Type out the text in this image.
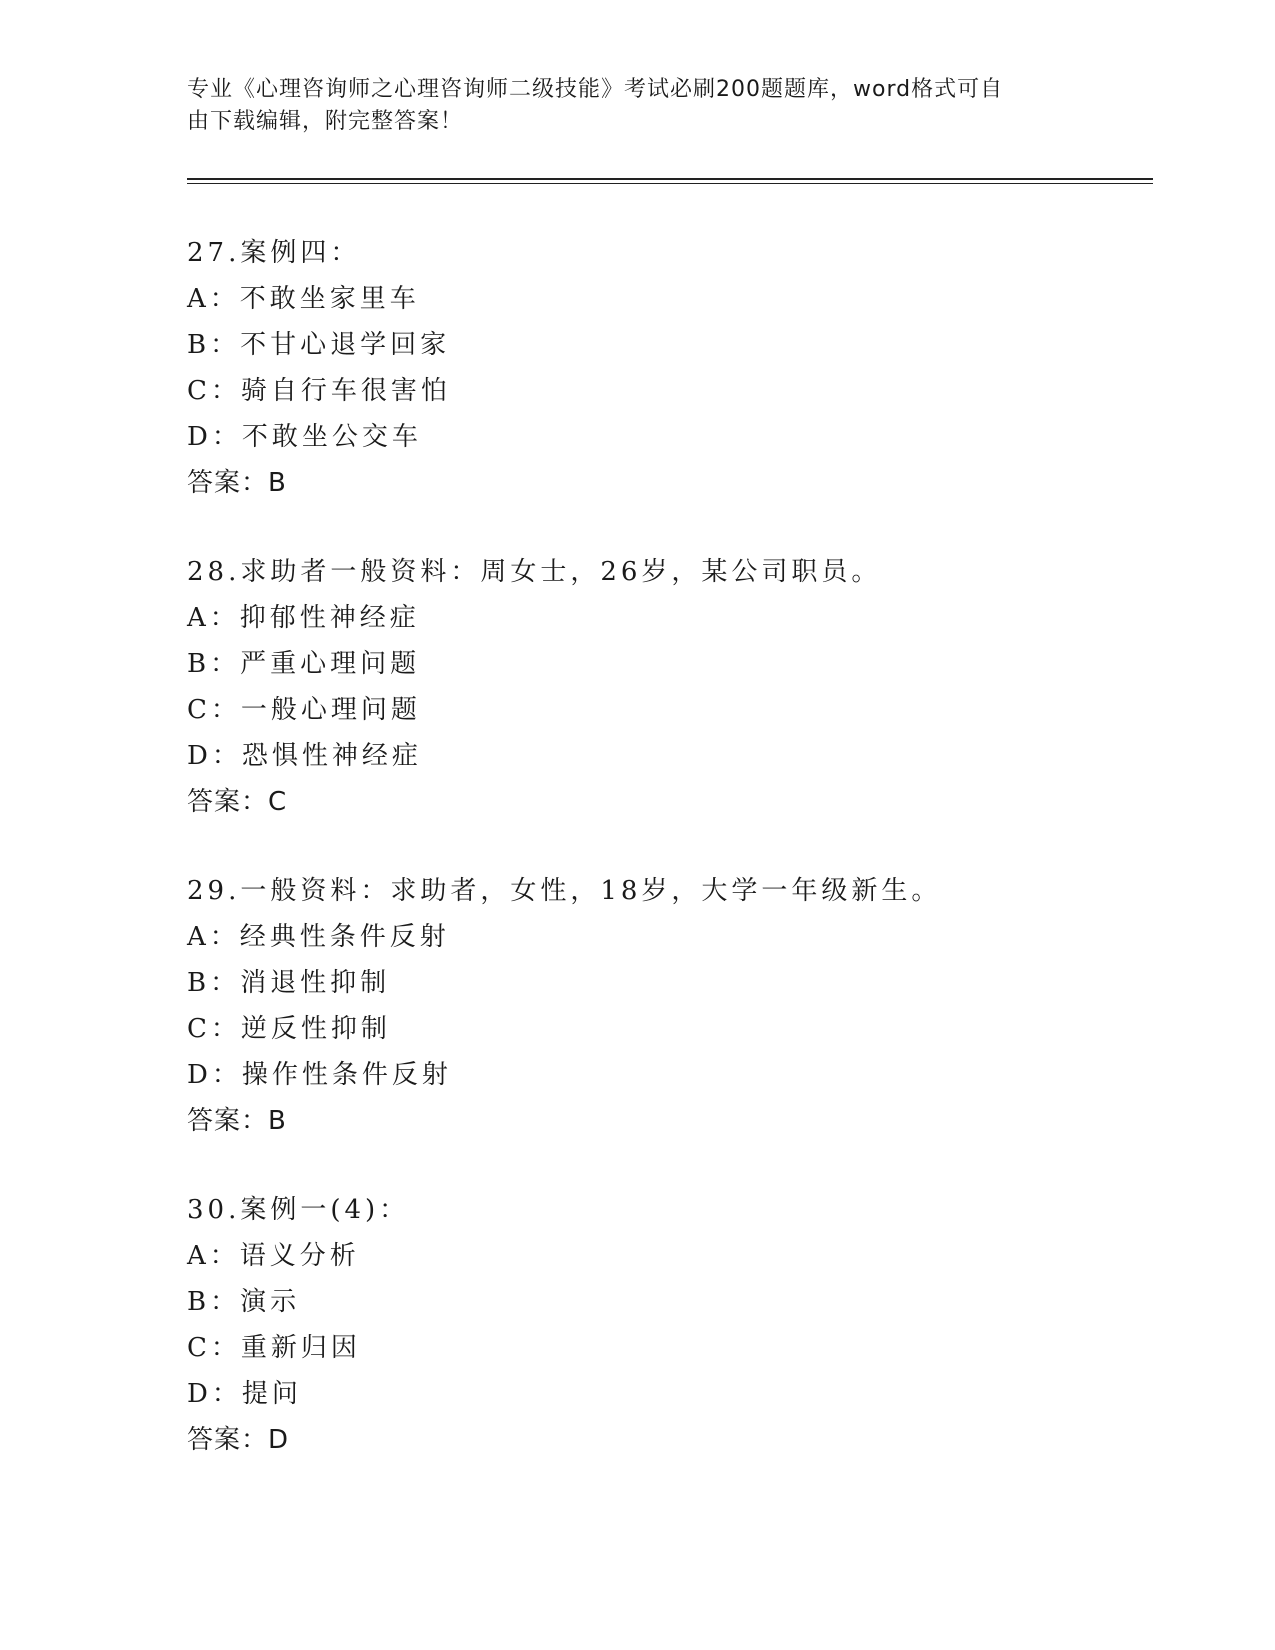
专业《心理咨询师之心理咨询师二级技能》考试必刷200题题库，word格式可自
由下载编辑，附完整答案！
27.案例四：
A：不敢坐家里车
B：不甘心退学回家
C：骑自行车很害怕
D：不敢坐公交车
答案：B
28.求助者一般资料：周女士，26岁，某公司职员。
A：抑郁性神经症
B：严重心理问题
C：一般心理问题
D：恐惧性神经症
答案：C
29.一般资料：求助者，女性，18岁，大学一年级新生。
A：经典性条件反射
B：消退性抑制
C：逆反性抑制
D：操作性条件反射
答案：B
30.案例一(4)：
A：语义分析
B：演示
C：重新归因
D：提问
答案：D
